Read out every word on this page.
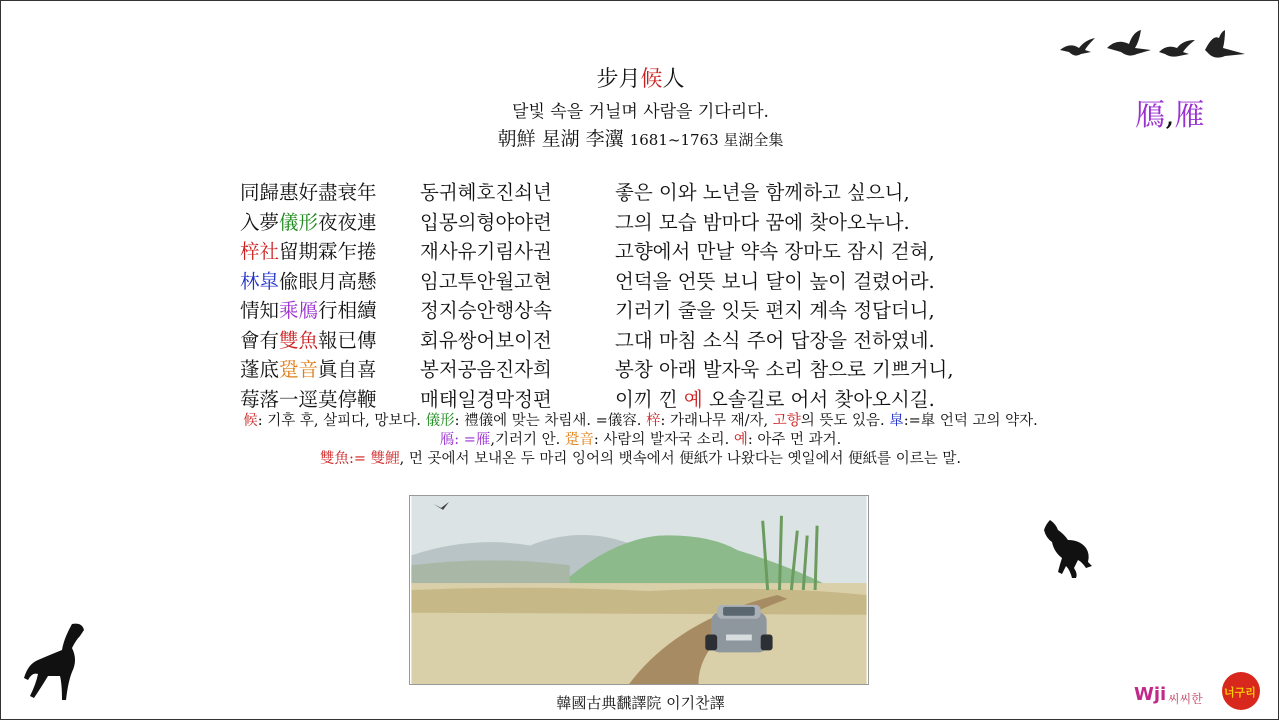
步月候人
달빛 속을 거닐며 사람을 기다리다.
朝鮮 星湖 李瀷 1681~1763 星湖全集
鴈,雁
同歸惠好盡衰年 동귀혜호진쇠년	좋은 이와 노년을 함께하고 싶으니,
入夢儀形夜夜連 입몽의형야야련	그의 모습 밤마다 꿈에 찾아오누나.
梓社留期霖乍捲 재사유기림사권	고향에서 만날 약속 장마도 잠시 걷혀,
林皐偸眼月高懸 임고투안월고현	언덕을 언뜻 보니 달이 높이 걸렸어라.
情知乘鴈行相續 정지승안행상속	기러기 줄을 잇듯 편지 계속 정답더니,
會有雙魚報已傳 회유쌍어보이전	그대 마침 소식 주어 답장을 전하였네.
蓬底跫音眞自喜 봉저공음진자희	봉창 아래 발자욱 소리 참으로 기쁘거니,
莓落一逕莫停鞭 매태일경막정편	이끼 낀 예 오솔길로 어서 찾아오시길.
候: 기후 후, 살피다, 망보다. 儀形: 禮儀에 맞는 차림새. =儀容. 梓: 가래나무 재/자, 고향의 뜻도 있음. 皐:=皐 언덕 고의 약자.
鴈: =雁,기러기 안. 跫音: 사람의 발자국 소리. 예: 아주 먼 과거.
雙魚:= 雙鯉, 먼 곳에서 보내온 두 마리 잉어의 뱃속에서 便紙가 나왔다는 옛일에서 便紙를 이르는 말.
韓國古典飜譯院 이기찬譯	Wji 씨씨한 너구리
